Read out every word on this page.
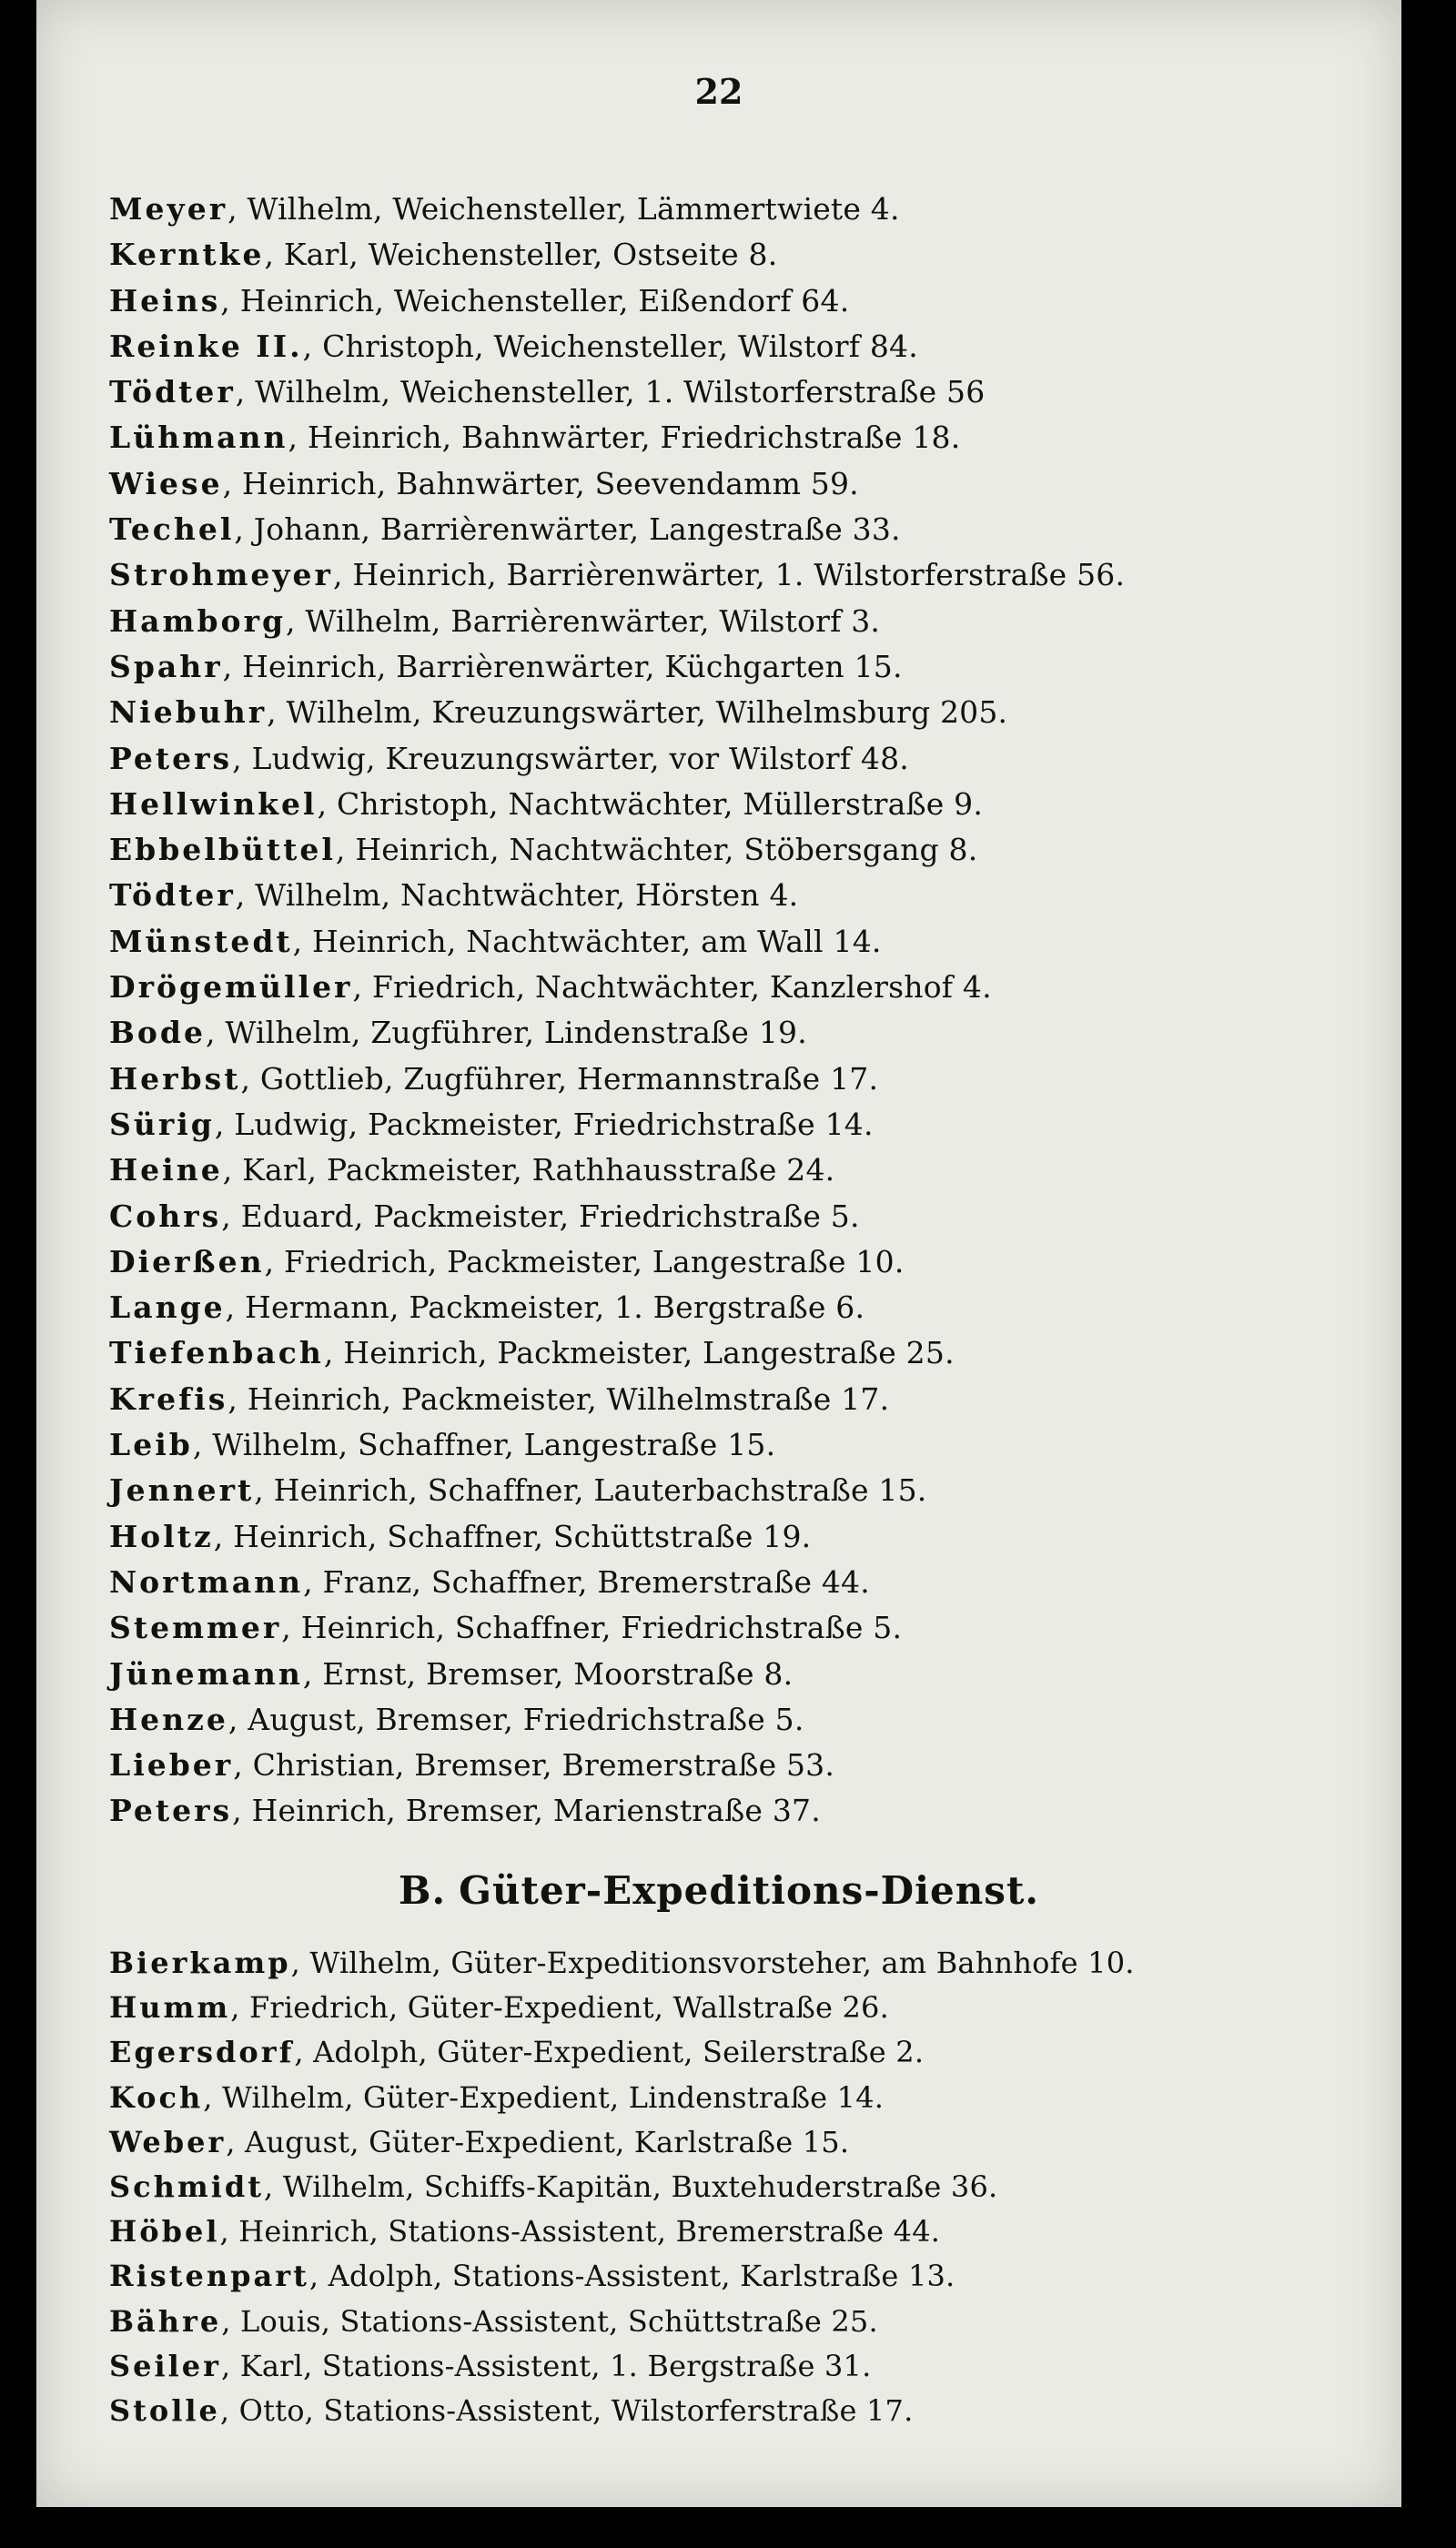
22
Meyer, Wilhelm, Weichensteller, Lämmertwiete 4.
Kerntke, Karl, Weichensteller, Ostseite 8.
Heins, Heinrich, Weichensteller, Eißendorf 64.
Reinke II., Christoph, Weichensteller, Wilstorf 84.
Tödter, Wilhelm, Weichensteller, 1. Wilstorferstraße 56
Lühmann, Heinrich, Bahnwärter, Friedrichstraße 18.
Wiese, Heinrich, Bahnwärter, Seevendamm 59.
Techel, Johann, Barrièrenwärter, Langestraße 33.
Strohmeyer, Heinrich, Barrièrenwärter, 1. Wilstorferstraße 56.
Hamborg, Wilhelm, Barrièrenwärter, Wilstorf 3.
Spahr, Heinrich, Barrièrenwärter, Küchgarten 15.
Niebuhr, Wilhelm, Kreuzungswärter, Wilhelmsburg 205.
Peters, Ludwig, Kreuzungswärter, vor Wilstorf 48.
Hellwinkel, Christoph, Nachtwächter, Müllerstraße 9.
Ebbelbüttel, Heinrich, Nachtwächter, Stöbersgang 8.
Tödter, Wilhelm, Nachtwächter, Hörsten 4.
Münstedt, Heinrich, Nachtwächter, am Wall 14.
Drögemüller, Friedrich, Nachtwächter, Kanzlershof 4.
Bode, Wilhelm, Zugführer, Lindenstraße 19.
Herbst, Gottlieb, Zugführer, Hermannstraße 17.
Sürig, Ludwig, Packmeister, Friedrichstraße 14.
Heine, Karl, Packmeister, Rathhausstraße 24.
Cohrs, Eduard, Packmeister, Friedrichstraße 5.
Dierßen, Friedrich, Packmeister, Langestraße 10.
Lange, Hermann, Packmeister, 1. Bergstraße 6.
Tiefenbach, Heinrich, Packmeister, Langestraße 25.
Krefis, Heinrich, Packmeister, Wilhelmstraße 17.
Leib, Wilhelm, Schaffner, Langestraße 15.
Jennert, Heinrich, Schaffner, Lauterbachstraße 15.
Holtz, Heinrich, Schaffner, Schüttstraße 19.
Nortmann, Franz, Schaffner, Bremerstraße 44.
Stemmer, Heinrich, Schaffner, Friedrichstraße 5.
Jünemann, Ernst, Bremser, Moorstraße 8.
Henze, August, Bremser, Friedrichstraße 5.
Lieber, Christian, Bremser, Bremerstraße 53.
Peters, Heinrich, Bremser, Marienstraße 37.
B. Güter-Expeditions-Dienst.
Bierkamp, Wilhelm, Güter-Expeditionsvorsteher, am Bahnhofe 10.
Humm, Friedrich, Güter-Expedient, Wallstraße 26.
Egersdorf, Adolph, Güter-Expedient, Seilerstraße 2.
Koch, Wilhelm, Güter-Expedient, Lindenstraße 14.
Weber, August, Güter-Expedient, Karlstraße 15.
Schmidt, Wilhelm, Schiffs-Kapitän, Buxtehuderstraße 36.
Höbel, Heinrich, Stations-Assistent, Bremerstraße 44.
Ristenpart, Adolph, Stations-Assistent, Karlstraße 13.
Bähre, Louis, Stations-Assistent, Schüttstraße 25.
Seiler, Karl, Stations-Assistent, 1. Bergstraße 31.
Stolle, Otto, Stations-Assistent, Wilstorferstraße 17.
